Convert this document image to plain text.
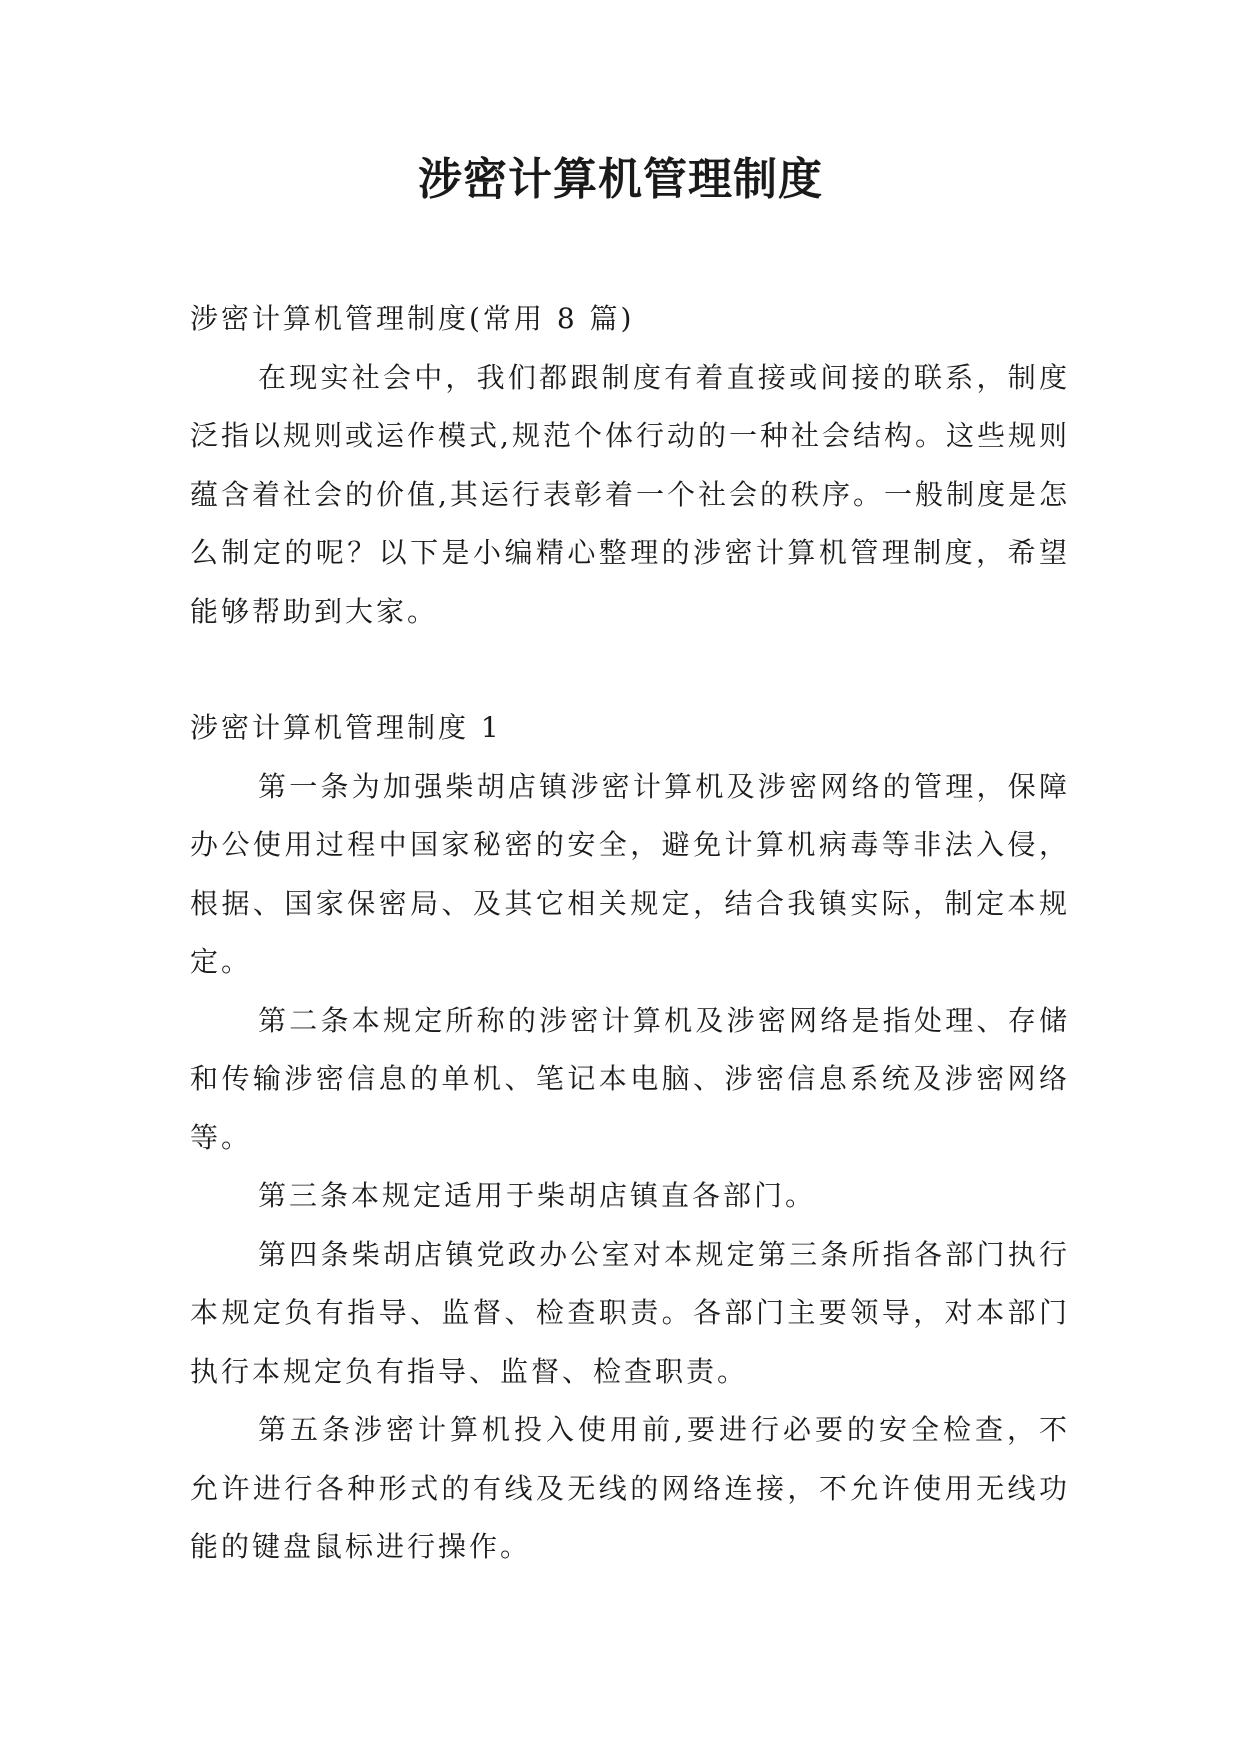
涉密计算机管理制度

涉密计算机管理制度(常用 8 篇)

在现实社会中，我们都跟制度有着直接或间接的联系，制度泛指以规则或运作模式,规范个体行动的一种社会结构。这些规则蕴含着社会的价值,其运行表彰着一个社会的秩序。一般制度是怎么制定的呢？以下是小编精心整理的涉密计算机管理制度，希望能够帮助到大家。

涉密计算机管理制度 1

第一条为加强柴胡店镇涉密计算机及涉密网络的管理，保障办公使用过程中国家秘密的安全，避免计算机病毒等非法入侵，根据、国家保密局、及其它相关规定，结合我镇实际，制定本规定。

第二条本规定所称的涉密计算机及涉密网络是指处理、存储和传输涉密信息的单机、笔记本电脑、涉密信息系统及涉密网络等。

第三条本规定适用于柴胡店镇直各部门。

第四条柴胡店镇党政办公室对本规定第三条所指各部门执行本规定负有指导、监督、检查职责。各部门主要领导，对本部门执行本规定负有指导、监督、检查职责。

第五条涉密计算机投入使用前,要进行必要的安全检查，不允许进行各种形式的有线及无线的网络连接，不允许使用无线功能的键盘鼠标进行操作。
